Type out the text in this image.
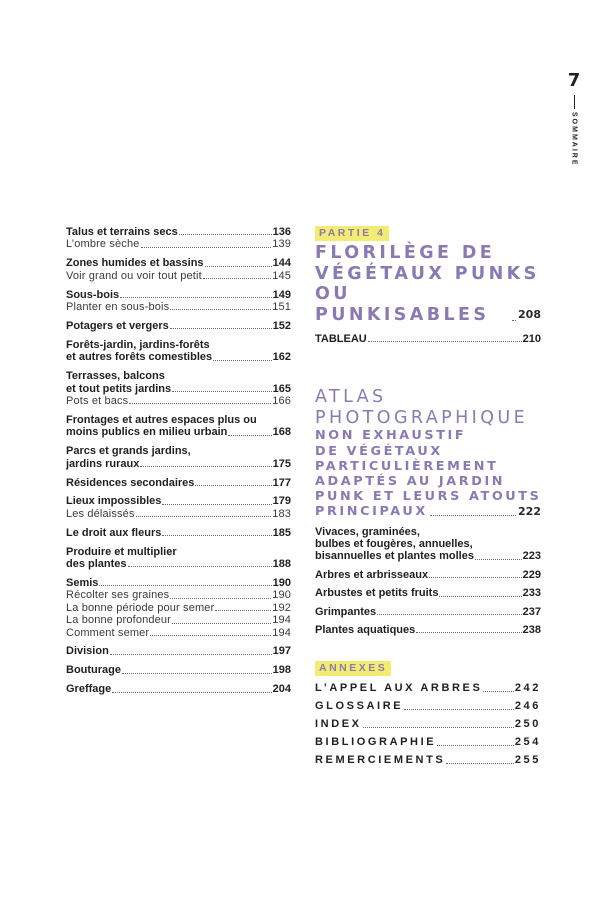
7
SOMMAIRE
Talus et terrains secs	136
L’ombre sèche	139
Zones humides et bassins	144
Voir grand ou voir tout petit	145
Sous-bois	149
Planter en sous-bois	151
Potagers et vergers	152
Forêts-jardin, jardins-forêts
et autres forêts comestibles	162
Terrasses, balcons
et tout petits jardins	165
Pots et bacs	166
Frontages et autres espaces plus ou
moins publics en milieu urbain	168
Parcs et grands jardins,
jardins ruraux	175
Résidences secondaires	177
Lieux impossibles	179
Les délaissés	183
Le droit aux fleurs	185
Produire et multiplier
des plantes	188
Semis	190
Récolter ses graines	190
La bonne période pour semer	192
La bonne profondeur	194
Comment semer	194
Division	197
Bouturage	198
Greffage	204
PARTIE 4
FLORILÈGE DE
VÉGÉTAUX PUNKS
OU PUNKISABLES	208
TABLEAU	210
ATLAS
PHOTOGRAPHIQUE
NON EXHAUSTIF
DE VÉGÉTAUX
PARTICULIÈREMENT
ADAPTÉS AU JARDIN
PUNK ET LEURS ATOUTS
PRINCIPAUX	222
Vivaces, graminées,
bulbes et fougères, annuelles,
bisannuelles et plantes molles	223
Arbres et arbrisseaux	229
Arbustes et petits fruits	233
Grimpantes	237
Plantes aquatiques	238
ANNEXES
L’APPEL AUX ARBRES	242
GLOSSAIRE	246
INDEX	250
BIBLIOGRAPHIE	254
REMERCIEMENTS	255
